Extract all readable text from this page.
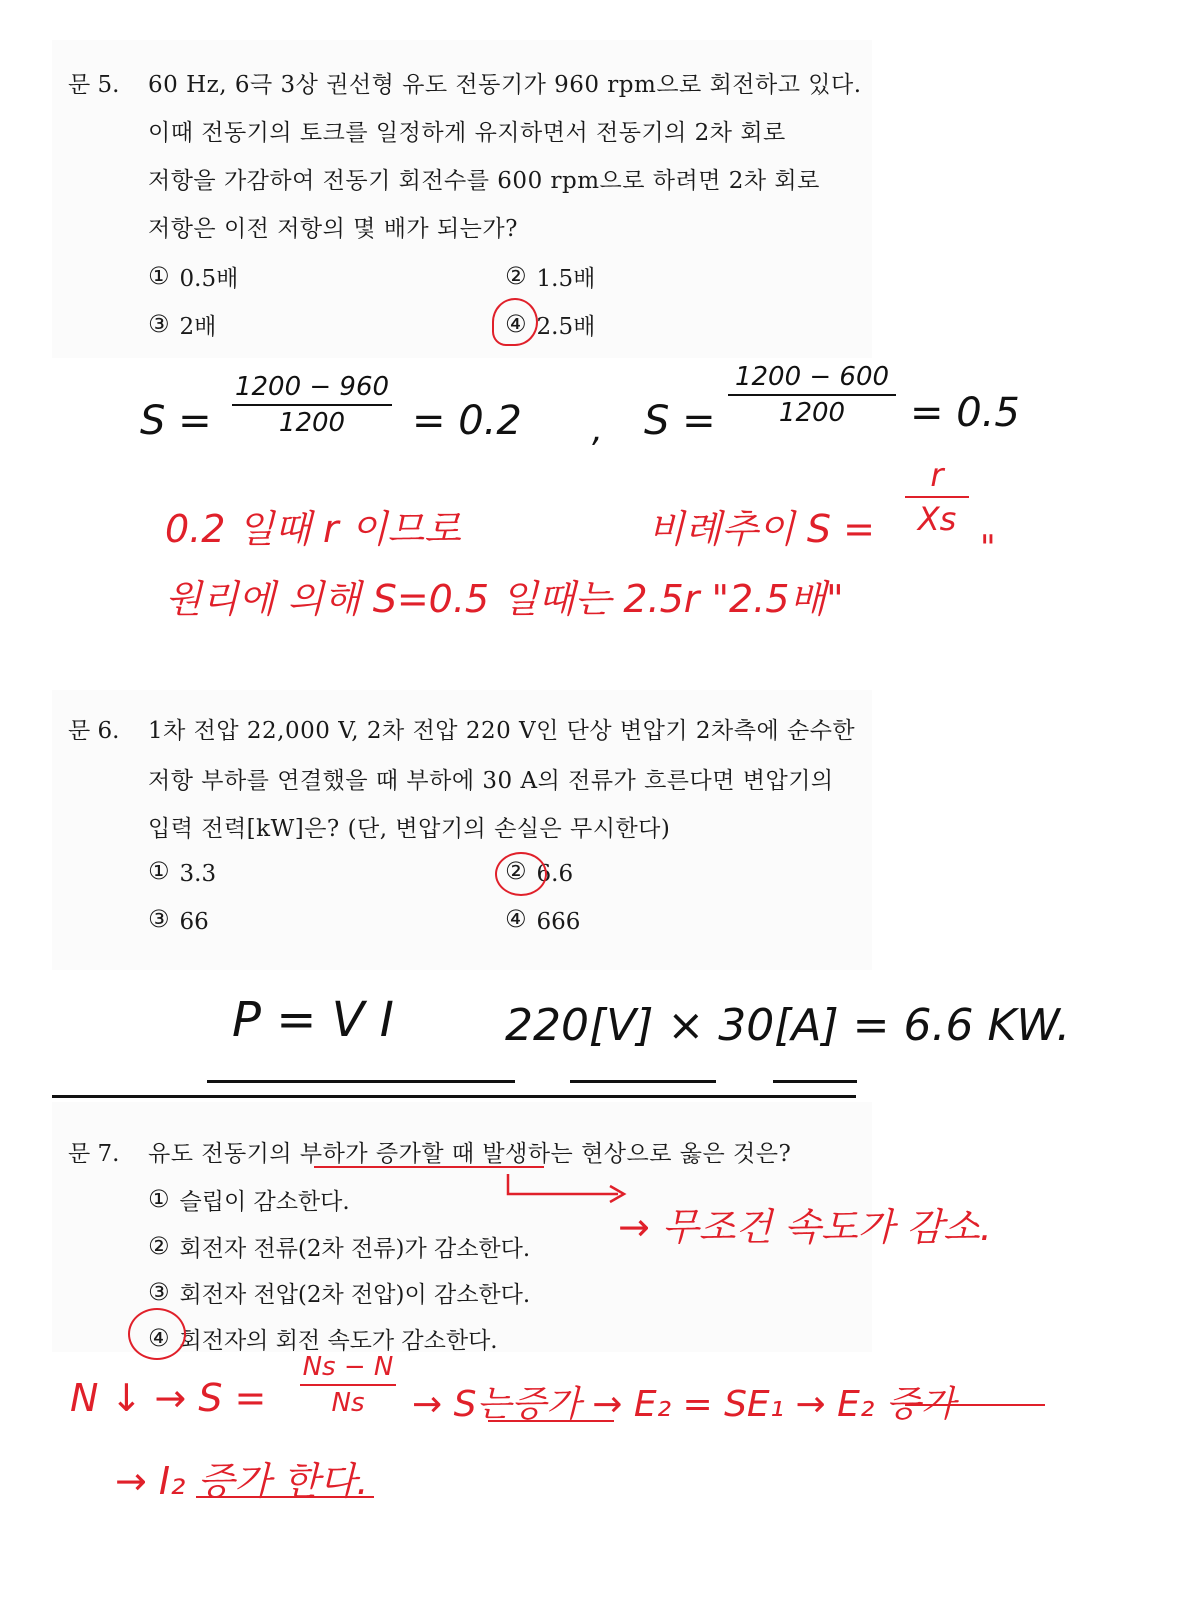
문 5. 60 Hz, 6극 3상 권선형 유도 전동기가 960 rpm으로 회전하고 있다.
이때 전동기의 토크를 일정하게 유지하면서 전동기의 2차 회로
저항을 가감하여 전동기 회전수를 600 rpm으로 하려면 2차 회로
저항은 이전 저항의 몇 배가 되는가?
① 0.5배	② 1.5배
③ 2배	④ 2.5배
S =
1200 − 960
1200	= 0.2 , S =
1200 − 600
1200	= 0.5
0.2 일때 r 이므로	비례추이 S =
r
Xs
"
원리에 의해 S=0.5 일때는 2.5r "2.5배"
문 6. 1차 전압 22,000 V, 2차 전압 220 V인 단상 변압기 2차측에 순수한
저항 부하를 연결했을 때 부하에 30 A의 전류가 흐른다면 변압기의
입력 전력[kW]은? (단, 변압기의 손실은 무시한다)
① 3.3	② 6.6
③ 66	④ 666
P = V I	220[V] × 30[A] = 6.6 KW.
문 7. 유도 전동기의 부하가 증가할 때 발생하는 현상으로 옳은 것은?
① 슬립이 감소한다.
② 회전자 전류(2차 전류)가 감소한다.
③ 회전자 전압(2차 전압)이 감소한다.
④ 회전자의 회전 속도가 감소한다.
→ 무조건 속도가 감소.
N ↓ → S =
Ns − N
Ns	→ S는증가 → E₂ = SE₁ → E₂ 증가
→ I₂ 증가 한다.
